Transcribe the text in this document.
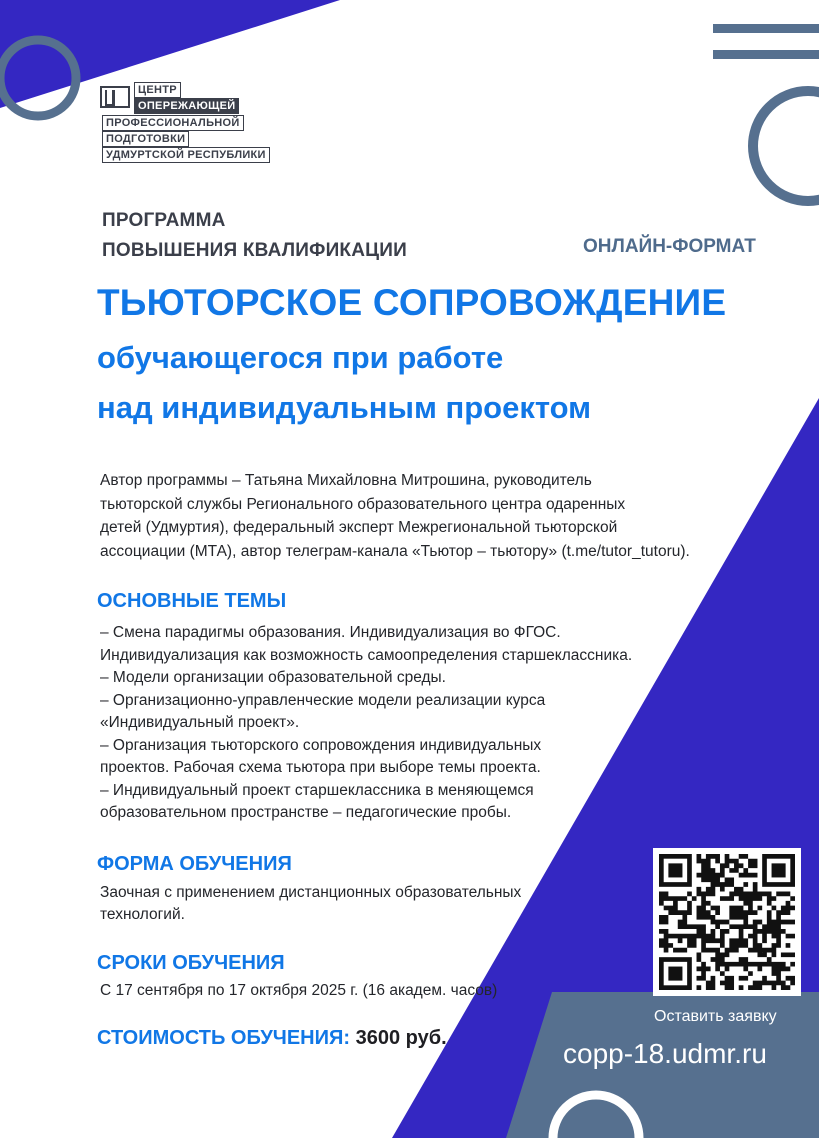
ЦЕНТР
ОПЕРЕЖАЮЩЕЙ
ПРОФЕССИОНАЛЬНОЙ
ПОДГОТОВКИ
УДМУРТСКОЙ РЕСПУБЛИКИ
ПРОГРАММА
ПОВЫШЕНИЯ КВАЛИФИКАЦИИ	ОНЛАЙН-ФОРМАТ
ТЬЮТОРСКОЕ СОПРОВОЖДЕНИЕ
обучающегося при работе
над индивидуальным проектом
Автор программы – Татьяна Михайловна Митрошина, руководитель
тьюторской службы Регионального образовательного центра одаренных
детей (Удмуртия), федеральный эксперт Межрегиональной тьюторской
ассоциации (МТА), автор телеграм-канала «Тьютор – тьютору» (t.me/tutor_tutoru).
ОСНОВНЫЕ ТЕМЫ
– Смена парадигмы образования. Индивидуализация во ФГОС.
Индивидуализация как возможность самоопределения старшеклассника.
– Модели организации образовательной среды.
– Организационно-управленческие модели реализации курса
«Индивидуальный проект».
– Организация тьюторского сопровождения индивидуальных
проектов. Рабочая схема тьютора при выборе темы проекта.
– Индивидуальный проект старшеклассника в меняющемся
образовательном пространстве – педагогические пробы.
ФОРМА ОБУЧЕНИЯ
Заочная с применением дистанционных образовательных
технологий.
СРОКИ ОБУЧЕНИЯ
С 17 сентября по 17 октября 2025 г. (16 академ. часов)
СТОИМОСТЬ ОБУЧЕНИЯ: 3600 руб.
Оставить заявку
copp-18.udmr.ru
